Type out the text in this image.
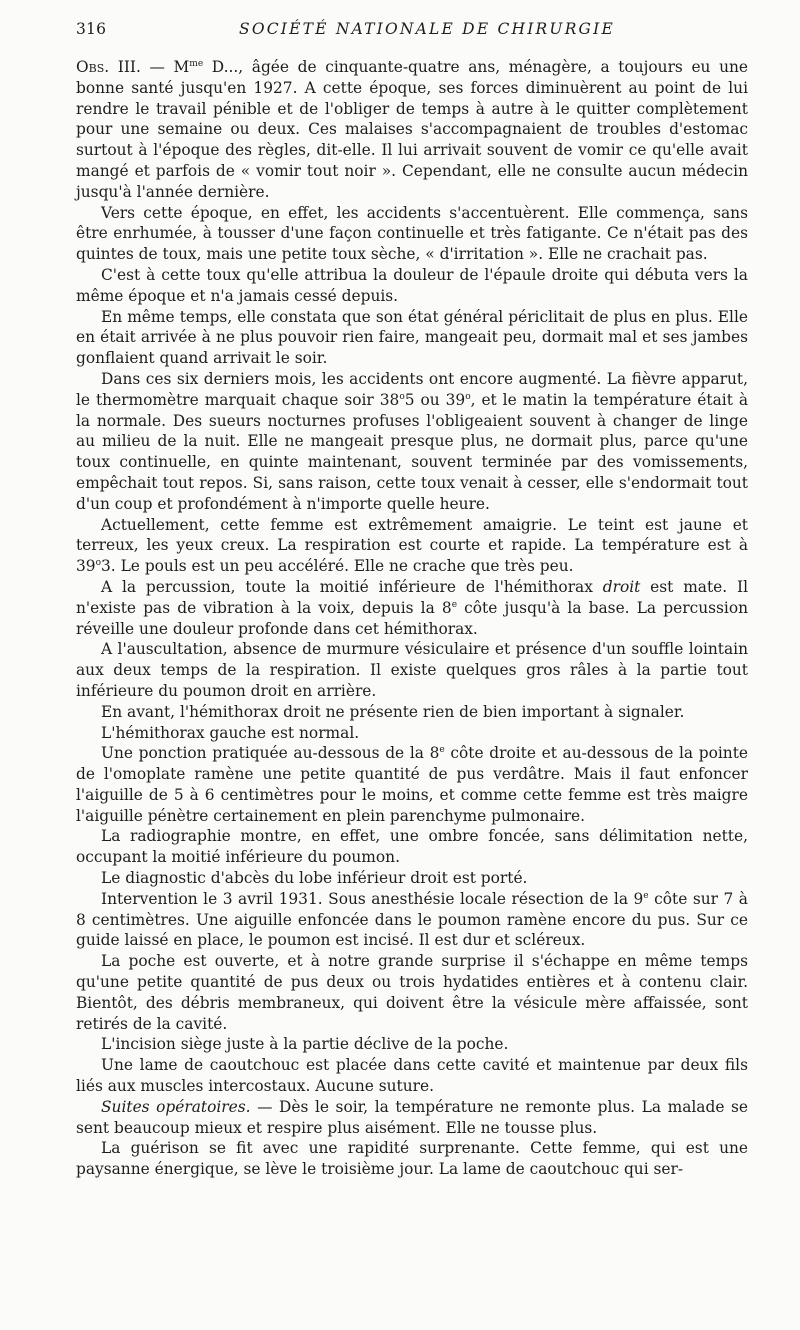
316	SOCIÉTÉ NATIONALE DE CHIRURGIE

Obs. III. — $M^{me}$ D..., âgée de cinquante-quatre ans, ménagère, a toujours eu une bonne santé jusqu'en 1927. A cette époque, ses forces diminuèrent au point de lui rendre le travail pénible et de l'obliger de temps à autre à le quitter complètement pour une semaine ou deux. Ces malaises s'accompagnaient de troubles d'estomac surtout à l'époque des règles, dit-elle. Il lui arrivait souvent de vomir ce qu'elle avait mangé et parfois de « vomir tout noir ». Cependant, elle ne consulte aucun médecin jusqu'à l'année dernière.

Vers cette époque, en effet, les accidents s'accentuèrent. Elle commença, sans être enrhumée, à tousser d'une façon continuelle et très fatigante. Ce n'était pas des quintes de toux, mais une petite toux sèche, « d'irritation ». Elle ne crachait pas.

C'est à cette toux qu'elle attribua la douleur de l'épaule droite qui débuta vers la même époque et n'a jamais cessé depuis.

En même temps, elle constata que son état général périclitait de plus en plus. Elle en était arrivée à ne plus pouvoir rien faire, mangeait peu, dormait mal et ses jambes gonflaient quand arrivait le soir.

Dans ces six derniers mois, les accidents ont encore augmenté. La fièvre apparut, le thermomètre marquait chaque soir 38$^o$5 ou 39$^o$, et le matin la température était à la normale. Des sueurs nocturnes profuses l'obligeaient souvent à changer de linge au milieu de la nuit. Elle ne mangeait presque plus, ne dormait plus, parce qu'une toux continuelle, en quinte maintenant, souvent terminée par des vomissements, empêchait tout repos. Si, sans raison, cette toux venait à cesser, elle s'endormait tout d'un coup et profondément à n'importe quelle heure.

Actuellement, cette femme est extrêmement amaigrie. Le teint est jaune et terreux, les yeux creux. La respiration est courte et rapide. La température est à 39$^o$3. Le pouls est un peu accéléré. Elle ne crache que très peu.

A la percussion, toute la moitié inférieure de l'hémithorax droit est mate. Il n'existe pas de vibration à la voix, depuis la 8e côte jusqu'à la base. La percussion réveille une douleur profonde dans cet hémithorax.

A l'auscultation, absence de murmure vésiculaire et présence d'un souffle lointain aux deux temps de la respiration. Il existe quelques gros râles à la partie tout inférieure du poumon droit en arrière.

En avant, l'hémithorax droit ne présente rien de bien important à signaler.

L'hémithorax gauche est normal.

Une ponction pratiquée au-dessous de la 8e côte droite et au-dessous de la pointe de l'omoplate ramène une petite quantité de pus verdâtre. Mais il faut enfoncer l'aiguille de 5 à 6 centimètres pour le moins, et comme cette femme est très maigre l'aiguille pénètre certainement en plein parenchyme pulmonaire.

La radiographie montre, en effet, une ombre foncée, sans délimitation nette, occupant la moitié inférieure du poumon.

Le diagnostic d'abcès du lobe inférieur droit est porté.

Intervention le 3 avril 1931. Sous anesthésie locale résection de la 9e côte sur 7 à 8 centimètres. Une aiguille enfoncée dans le poumon ramène encore du pus. Sur ce guide laissé en place, le poumon est incisé. Il est dur et scléreux.

La poche est ouverte, et à notre grande surprise il s'échappe en même temps qu'une petite quantité de pus deux ou trois hydatides entières et à contenu clair. Bientôt, des débris membraneux, qui doivent être la vésicule mère affaissée, sont retirés de la cavité.

L'incision siège juste à la partie déclive de la poche.

Une lame de caoutchouc est placée dans cette cavité et maintenue par deux fils liés aux muscles intercostaux. Aucune suture.

Suites opératoires. — Dès le soir, la température ne remonte plus. La malade se sent beaucoup mieux et respire plus aisément. Elle ne tousse plus.

La guérison se fit avec une rapidité surprenante. Cette femme, qui est une paysanne énergique, se lève le troisième jour. La lame de caoutchouc qui ser-
